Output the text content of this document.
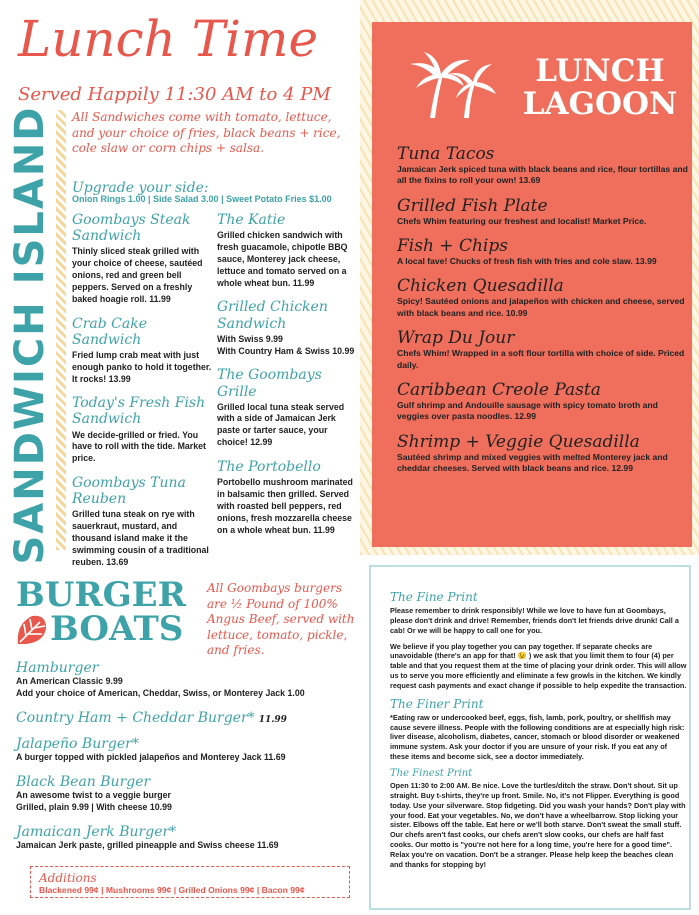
Lunch Time
Served Happily 11:30 AM to 4 PM
SANDWICH ISLAND All Sandwiches come with tomato, lettuce, and your choice of fries, black beans + rice, cole slaw or corn chips + salsa.
Upgrade your side:
Onion Rings 1.00 | Side Salad 3.00 | Sweet Potato Fries $1.00
Goombays Steak Sandwich
Thinly sliced steak grilled with your choice of cheese, sautéed onions, red and green bell peppers. Served on a freshly baked hoagie roll. 11.99
Crab Cake Sandwich
Fried lump crab meat with just enough panko to hold it together. It rocks! 13.99
Today's Fresh Fish Sandwich
We decide-grilled or fried. You have to roll with the tide. Market price.
Goombays Tuna Reuben
Grilled tuna steak on rye with sauerkraut, mustard, and thousand island make it the swimming cousin of a traditional reuben. 13.69
The Katie
Grilled chicken sandwich with fresh guacamole, chipotle BBQ sauce, Monterey jack cheese, lettuce and tomato served on a whole wheat bun. 11.99
Grilled Chicken Sandwich
With Swiss 9.99
With Country Ham & Swiss 10.99
The Goombays Grille
Grilled local tuna steak served with a side of Jamaican Jerk paste or tarter sauce, your choice! 12.99
The Portobello
Portobello mushroom marinated in balsamic then grilled. Served with roasted bell peppers, red onions, fresh mozzarella cheese on a whole wheat bun. 11.99
LUNCH
LAGOON
Tuna Tacos
Jamaican Jerk spiced tuna with black beans and rice, flour tortillas and all the fixins to roll your own! 13.69
Grilled Fish Plate
Chefs Whim featuring our freshest and localist! Market Price.
Fish + Chips
A local fave! Chucks of fresh fish with fries and cole slaw. 13.99
Chicken Quesadilla
Spicy! Sautéed onions and jalapeños with chicken and cheese, served with black beans and rice. 10.99
Wrap Du Jour
Chefs Whim! Wrapped in a soft flour tortilla with choice of side. Priced daily.
Caribbean Creole Pasta
Gulf shrimp and Andouille sausage with spicy tomato broth and veggies over pasta noodles. 12.99
Shrimp + Veggie Quesadilla
Sautéed shrimp and mixed veggies with melted Monterey jack and cheddar cheeses. Served with black beans and rice. 12.99
BURGER
BOATS
All Goombays burgers are ½ Pound of 100% Angus Beef, served with lettuce, tomato, pickle, and fries.
Hamburger
An American Classic 9.99
Add your choice of American, Cheddar, Swiss, or Monterey Jack 1.00
Country Ham + Cheddar Burger* 11.99
Jalapeño Burger*
A burger topped with pickled jalapeños and Monterey Jack 11.69
Black Bean Burger
An awesome twist to a veggie burger
Grilled, plain 9.99 | With cheese 10.99
Jamaican Jerk Burger*
Jamaican Jerk paste, grilled pineapple and Swiss cheese 11.69
Additions
Blackened 99¢ | Mushrooms 99¢ | Grilled Onions 99¢ | Bacon 99¢
The Fine Print
Please remember to drink responsibly! While we love to have fun at Goombays, please don't drink and drive! Remember, friends don't let friends drive drunk! Call a cab! Or we will be happy to call one for you.
We believe if you play together you can pay together. If separate checks are unavoidable (there's an app for that! 😉 ) we ask that you limit them to four (4) per table and that you request them at the time of placing your drink order. This will allow us to serve you more efficiently and eliminate a few growls in the kitchen. We kindly request cash payments and exact change if possible to help expedite the transaction.
The Finer Print
*Eating raw or undercooked beef, eggs, fish, lamb, pork, poultry, or shellfish may cause severe illness. People with the following conditions are at especially high risk: liver disease, alcoholism, diabetes, cancer, stomach or blood disorder or weakened immune system. Ask your doctor if you are unsure of your risk. If you eat any of these items and become sick, see a doctor immediately.
The Finest Print
Open 11:30 to 2:00 AM. Be nice. Love the turtles/ditch the straw. Don't shout. Sit up straight. Buy t-shirts, they're up front. Smile. No, it's not Flipper. Everything is good today. Use your silverware. Stop fidgeting. Did you wash your hands? Don't play with your food. Eat your vegetables. No, we don't have a wheelbarrow. Stop licking your sister. Elbows off the table. Eat here or we'll both starve. Don't sweat the small stuff. Our chefs aren't fast cooks, our chefs aren't slow cooks, our chefs are half fast cooks. Our motto is "you're not here for a long time, you're here for a good time". Relax you're on vacation. Don't be a stranger. Please help keep the beaches clean and thanks for stopping by!
